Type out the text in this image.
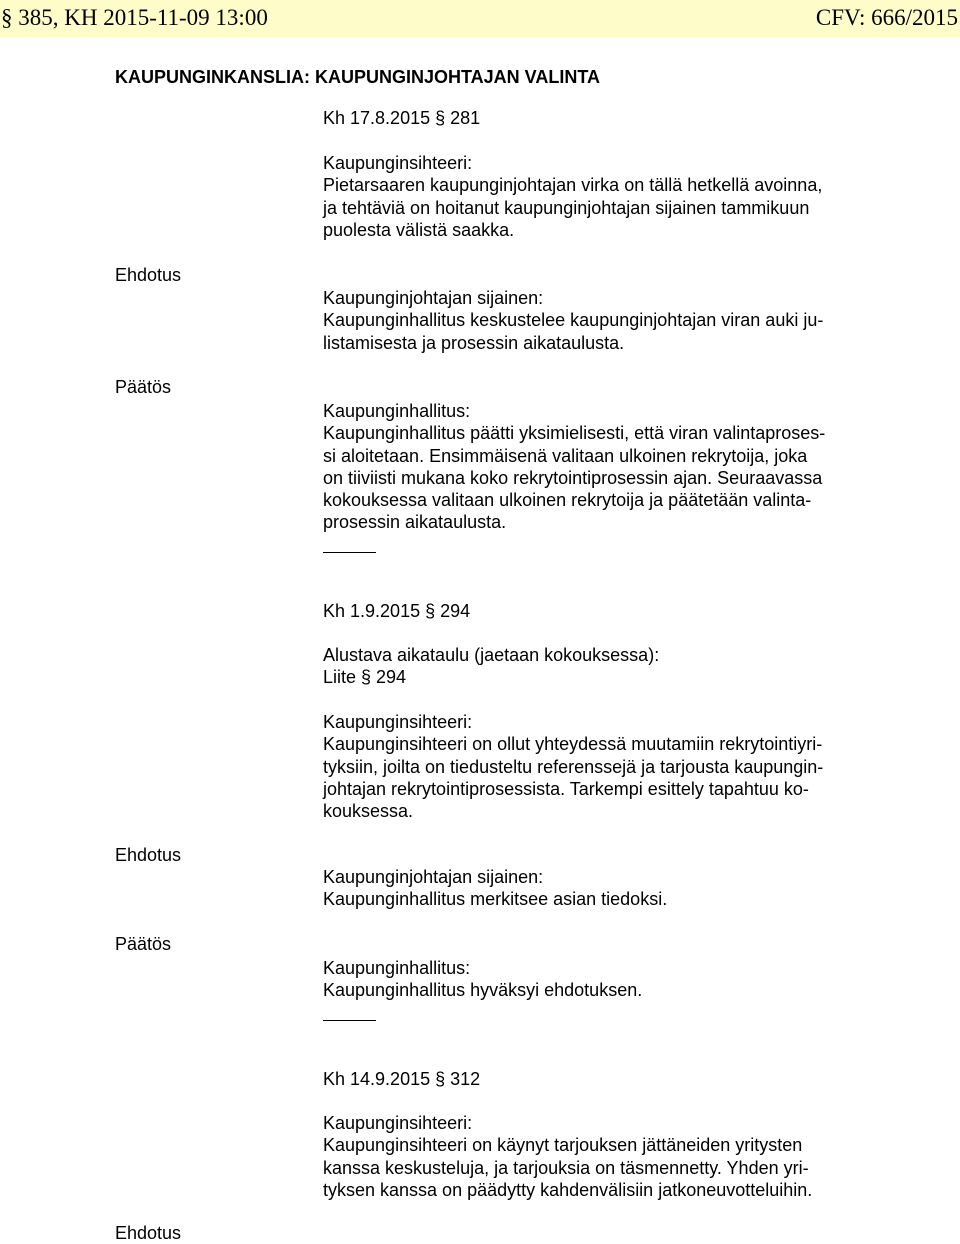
§ 385, KH 2015-11-09 13:00	CFV: 666/2015
KAUPUNGINKANSLIA: KAUPUNGINJOHTAJAN VALINTA
Kh 17.8.2015 § 281
Kaupunginsihteeri:
Pietarsaaren kaupunginjohtajan virka on tällä hetkellä avoinna,
ja tehtäviä on hoitanut kaupunginjohtajan sijainen tammikuun
puolesta välistä saakka.
Ehdotus
Kaupunginjohtajan sijainen:
Kaupunginhallitus keskustelee kaupunginjohtajan viran auki ju-
listamisesta ja prosessin aikataulusta.
Päätös
Kaupunginhallitus:
Kaupunginhallitus päätti yksimielisesti, että viran valintaproses-
si aloitetaan. Ensimmäisenä valitaan ulkoinen rekrytoija, joka
on tiiviisti mukana koko rekrytointiprosessin ajan. Seuraavassa
kokouksessa valitaan ulkoinen rekrytoija ja päätetään valinta-
prosessin aikataulusta.
Kh 1.9.2015 § 294
Alustava aikataulu (jaetaan kokouksessa):
Liite § 294
Kaupunginsihteeri:
Kaupunginsihteeri on ollut yhteydessä muutamiin rekrytointiyri-
tyksiin, joilta on tiedusteltu referenssejä ja tarjousta kaupungin-
johtajan rekrytointiprosessista. Tarkempi esittely tapahtuu ko-
kouksessa.
Ehdotus
Kaupunginjohtajan sijainen:
Kaupunginhallitus merkitsee asian tiedoksi.
Päätös
Kaupunginhallitus:
Kaupunginhallitus hyväksyi ehdotuksen.
Kh 14.9.2015 § 312
Kaupunginsihteeri:
Kaupunginsihteeri on käynyt tarjouksen jättäneiden yritysten
kanssa keskusteluja, ja tarjouksia on täsmennetty. Yhden yri-
tyksen kanssa on päädytty kahdenvälisiin jatkoneuvotteluihin.
Ehdotus
